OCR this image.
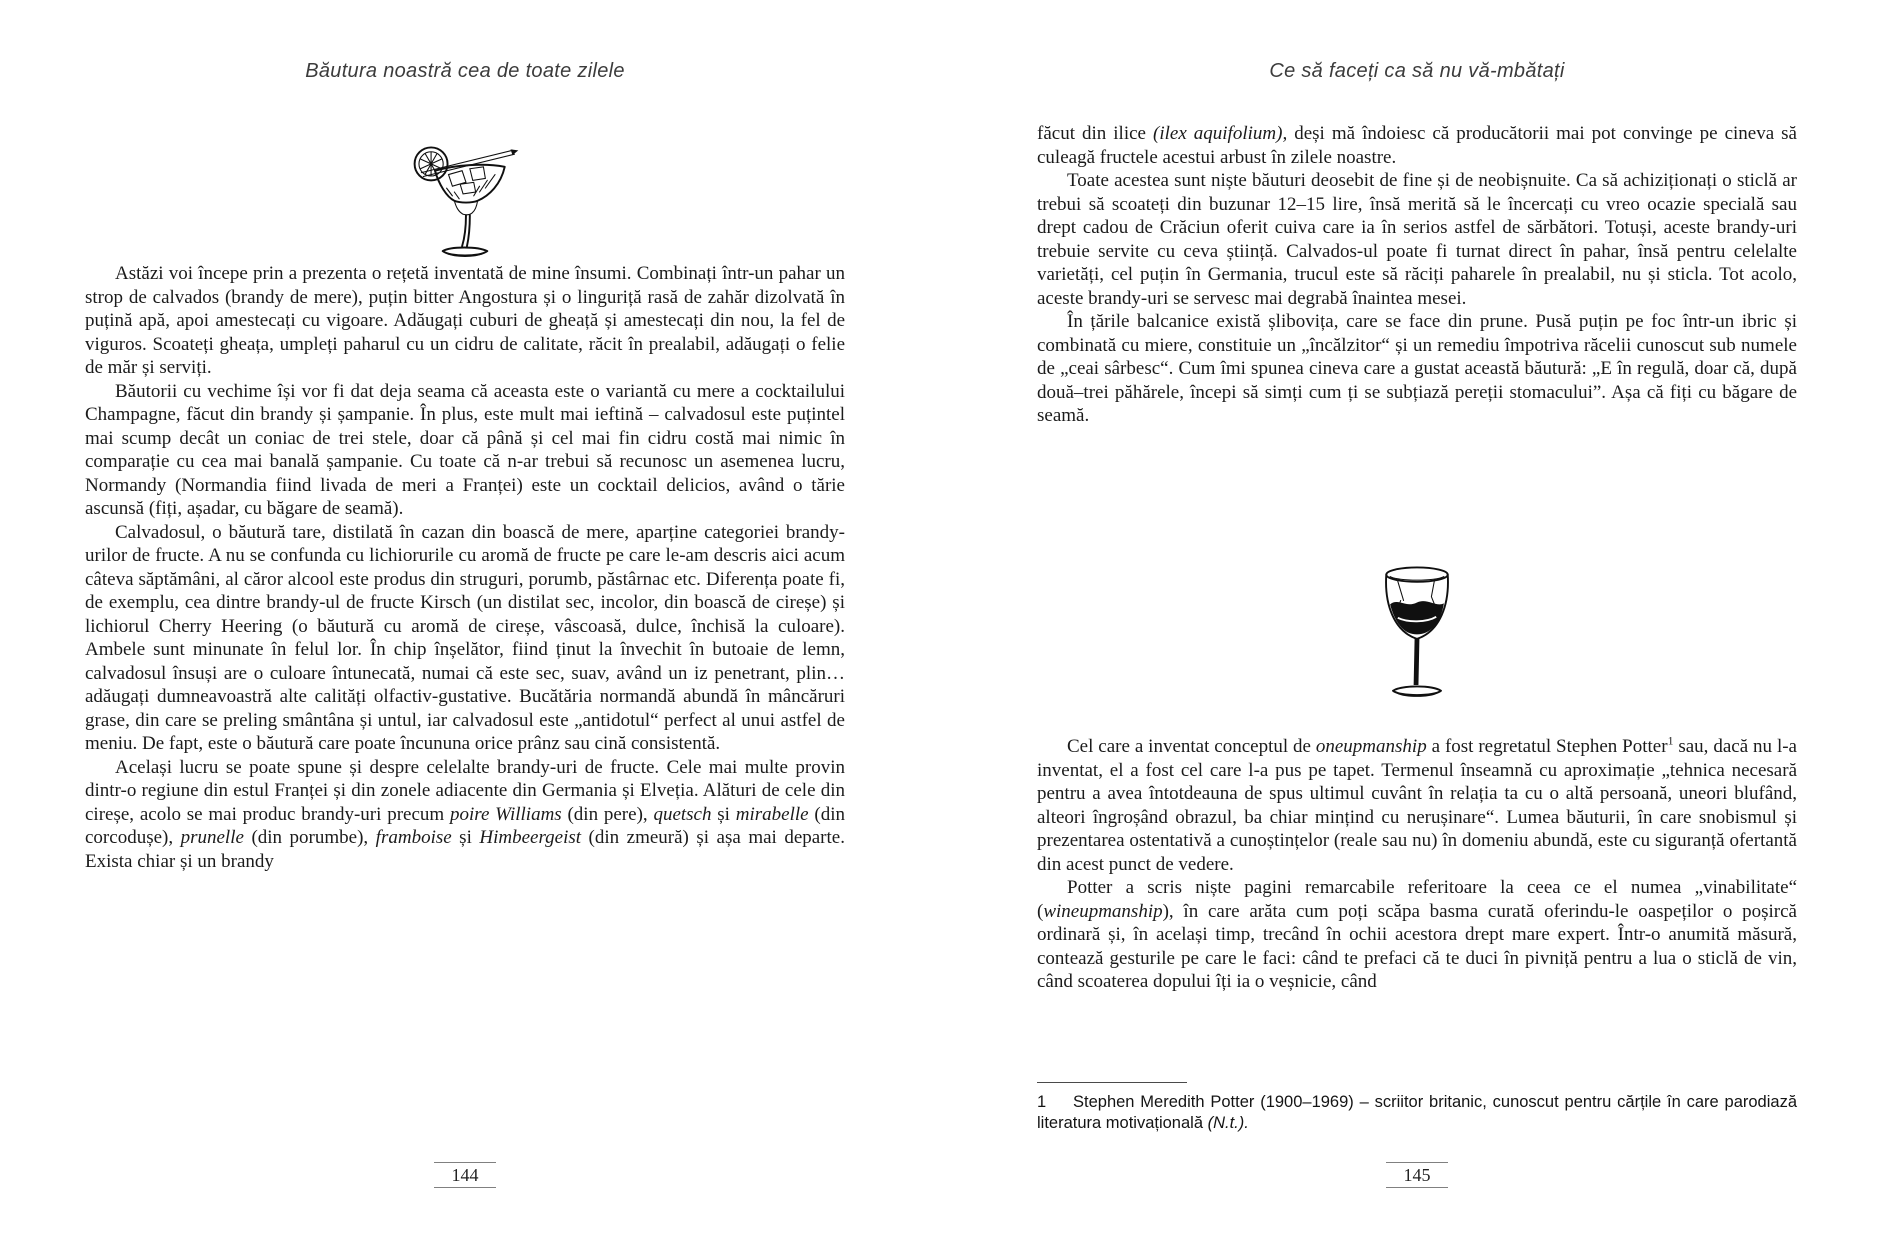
Băutura noastră cea de toate zilele

Astăzi voi începe prin a prezenta o rețetă inventată de mine însumi. Combinați într-un pahar un strop de calvados (brandy de mere), puțin bitter Angostura și o linguriță rasă de zahăr dizolvată în puțină apă, apoi amestecați cu vigoare. Adăugați cuburi de gheață și amestecați din nou, la fel de viguros. Scoateți gheața, umpleți paharul cu un cidru de calitate, răcit în prealabil, adăugați o felie de măr și serviți.

Băutorii cu vechime își vor fi dat deja seama că aceasta este o variantă cu mere a cocktailului Champagne, făcut din brandy și șampanie. În plus, este mult mai ieftină – calvadosul este puțintel mai scump decât un coniac de trei stele, doar că până și cel mai fin cidru costă mai nimic în comparație cu cea mai banală șampanie. Cu toate că n-ar trebui să recunosc un asemenea lucru, Normandy (Normandia fiind livada de meri a Franței) este un cocktail delicios, având o tărie ascunsă (fiți, așadar, cu băgare de seamă).

Calvadosul, o băutură tare, distilată în cazan din boască de mere, aparține categoriei brandy-urilor de fructe. A nu se confunda cu lichiorurile cu aromă de fructe pe care le-am descris aici acum câteva săptămâni, al căror alcool este produs din struguri, porumb, păstârnac etc. Diferența poate fi, de exemplu, cea dintre brandy-ul de fructe Kirsch (un distilat sec, incolor, din boască de cireșe) și lichiorul Cherry Heering (o băutură cu aromă de cireșe, vâscoasă, dulce, închisă la culoare). Ambele sunt minunate în felul lor. În chip înșelător, fiind ținut la învechit în butoaie de lemn, calvadosul însuși are o culoare întunecată, numai că este sec, suav, având un iz penetrant, plin… adăugați dumneavoastră alte calități olfactiv-gustative. Bucătăria normandă abundă în mâncăruri grase, din care se preling smântâna și untul, iar calvadosul este „antidotul“ perfect al unui astfel de meniu. De fapt, este o băutură care poate încununa orice prânz sau cină consistentă.

Același lucru se poate spune și despre celelalte brandy-uri de fructe. Cele mai multe provin dintr-o regiune din estul Franței și din zonele adiacente din Germania și Elveția. Alături de cele din cireșe, acolo se mai produc brandy-uri precum poire Williams (din pere), quetsch și mirabelle (din corcodușe), prunelle (din porumbe), framboise și Himbeergeist (din zmeură) și așa mai departe. Exista chiar și un brandy

144
Ce să faceți ca să nu vă-mbătați

făcut din ilice (ilex aquifolium), deși mă îndoiesc că producătorii mai pot convinge pe cineva să culeagă fructele acestui arbust în zilele noastre.

Toate acestea sunt niște băuturi deosebit de fine și de neobișnuite. Ca să achiziționați o sticlă ar trebui să scoateți din buzunar 12–15 lire, însă merită să le încercați cu vreo ocazie specială sau drept cadou de Crăciun oferit cuiva care ia în serios astfel de sărbători. Totuși, aceste brandy-uri trebuie servite cu ceva știință. Calvados-ul poate fi turnat direct în pahar, însă pentru celelalte varietăți, cel puțin în Germania, trucul este să răciți paharele în prealabil, nu și sticla. Tot acolo, aceste brandy-uri se servesc mai degrabă înaintea mesei.

În țările balcanice există șlibovița, care se face din prune. Pusă puțin pe foc într-un ibric și combinată cu miere, constituie un „încălzitor“ și un remediu împotriva răcelii cunoscut sub numele de „ceai sârbesc“. Cum îmi spunea cineva care a gustat această băutură: „E în regulă, doar că, după două–trei păhărele, începi să simți cum ți se subțiază pereții stomacului”. Așa că fiți cu băgare de seamă.

Cel care a inventat conceptul de oneupmanship a fost regretatul Stephen Potter$^1$ sau, dacă nu l-a inventat, el a fost cel care l-a pus pe tapet. Termenul înseamnă cu aproximație „tehnica necesară pentru a avea întotdeauna de spus ultimul cuvânt în relația ta cu o altă persoană, uneori blufând, alteori îngroșând obrazul, ba chiar mințind cu nerușinare“. Lumea băuturii, în care snobismul și prezentarea ostentativă a cunoștințelor (reale sau nu) în domeniu abundă, este cu siguranță ofertantă din acest punct de vedere.

Potter a scris niște pagini remarcabile referitoare la ceea ce el numea „vinabilitate“ (wineupmanship), în care arăta cum poți scăpa basma curată oferindu-le oaspeților o poșircă ordinară și, în același timp, trecând în ochii acestora drept mare expert. Într-o anumită măsură, contează gesturile pe care le faci: când te prefaci că te duci în pivniță pentru a lua o sticlă de vin, când scoaterea dopului îți ia o veșnicie, când

1 Stephen Meredith Potter (1900–1969) – scriitor britanic, cunoscut pentru cărțile în care parodiază literatura motivațională (N.t.).

145
